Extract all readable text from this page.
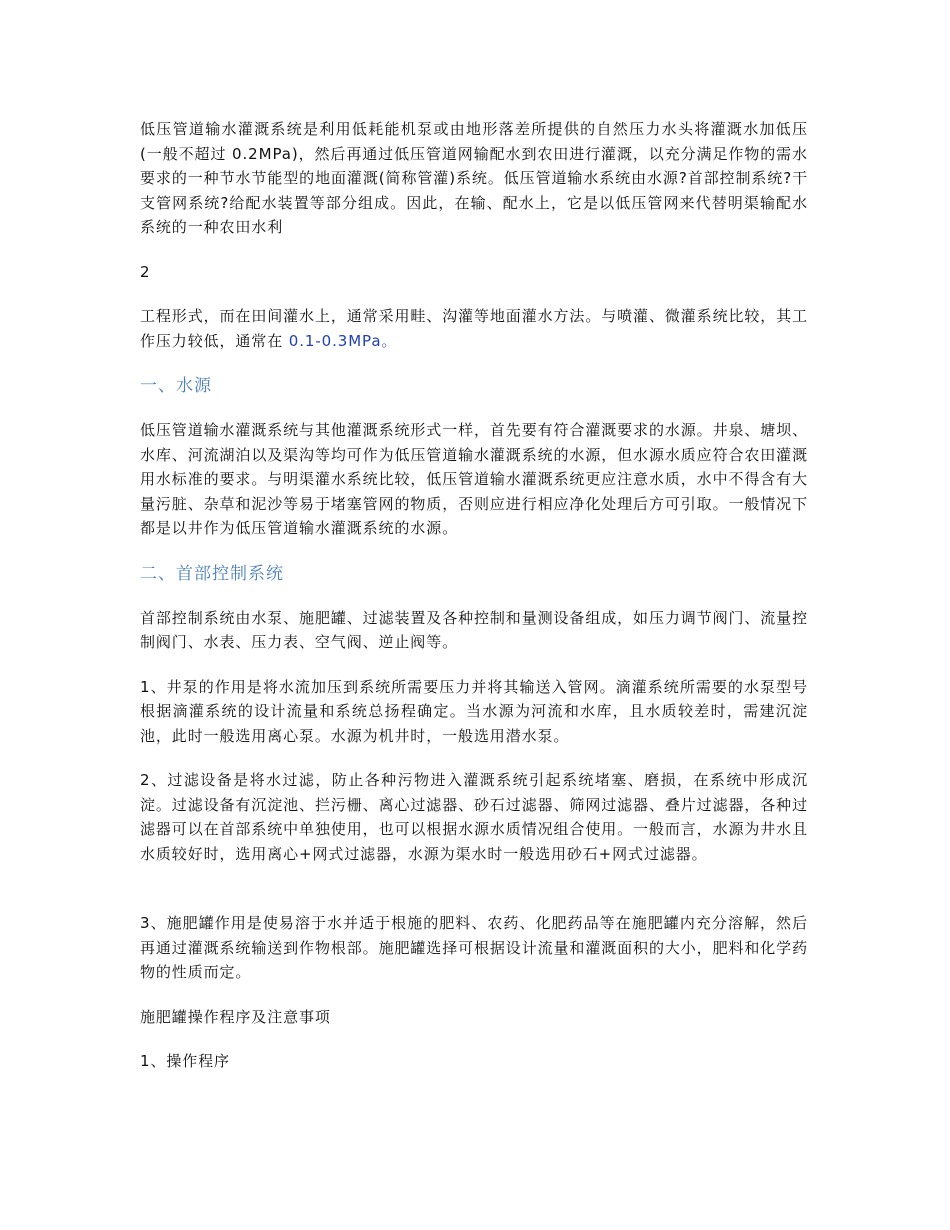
低压管道输水灌溉系统是利用低耗能机泵或由地形落差所提供的自然压力水头将灌溉水加低压(一般不超过 0.2MPa)，然后再通过低压管道网输配水到农田进行灌溉，以充分满足作物的需水要求的一种节水节能型的地面灌溉(简称管灌)系统。低压管道输水系统由水源?首部控制系统?干支管网系统?给配水装置等部分组成。因此，在输、配水上，它是以低压管网来代替明渠输配水系统的一种农田水利

2

工程形式，而在田间灌水上，通常采用畦、沟灌等地面灌水方法。与喷灌、微灌系统比较，其工作压力较低，通常在 0.1-0.3MPa。

一、水源

低压管道输水灌溉系统与其他灌溉系统形式一样，首先要有符合灌溉要求的水源。井泉、塘坝、水库、河流湖泊以及渠沟等均可作为低压管道输水灌溉系统的水源，但水源水质应符合农田灌溉用水标准的要求。与明渠灌水系统比较，低压管道输水灌溉系统更应注意水质，水中不得含有大量污脏、杂草和泥沙等易于堵塞管网的物质，否则应进行相应净化处理后方可引取。一般情况下都是以井作为低压管道输水灌溉系统的水源。

二、首部控制系统

首部控制系统由水泵、施肥罐、过滤装置及各种控制和量测设备组成，如压力调节阀门、流量控制阀门、水表、压力表、空气阀、逆止阀等。

1、井泵的作用是将水流加压到系统所需要压力并将其输送入管网。滴灌系统所需要的水泵型号根据滴灌系统的设计流量和系统总扬程确定。当水源为河流和水库，且水质较差时，需建沉淀池，此时一般选用离心泵。水源为机井时，一般选用潜水泵。

2、过滤设备是将水过滤，防止各种污物进入灌溉系统引起系统堵塞、磨损，在系统中形成沉淀。过滤设备有沉淀池、拦污栅、离心过滤器、砂石过滤器、筛网过滤器、叠片过滤器，各种过滤器可以在首部系统中单独使用，也可以根据水源水质情况组合使用。一般而言，水源为井水且水质较好时，选用离心+网式过滤器，水源为渠水时一般选用砂石+网式过滤器。

3、施肥罐作用是使易溶于水并适于根施的肥料、农药、化肥药品等在施肥罐内充分溶解，然后再通过灌溉系统输送到作物根部。施肥罐选择可根据设计流量和灌溉面积的大小，肥料和化学药物的性质而定。

施肥罐操作程序及注意事项

1、操作程序
